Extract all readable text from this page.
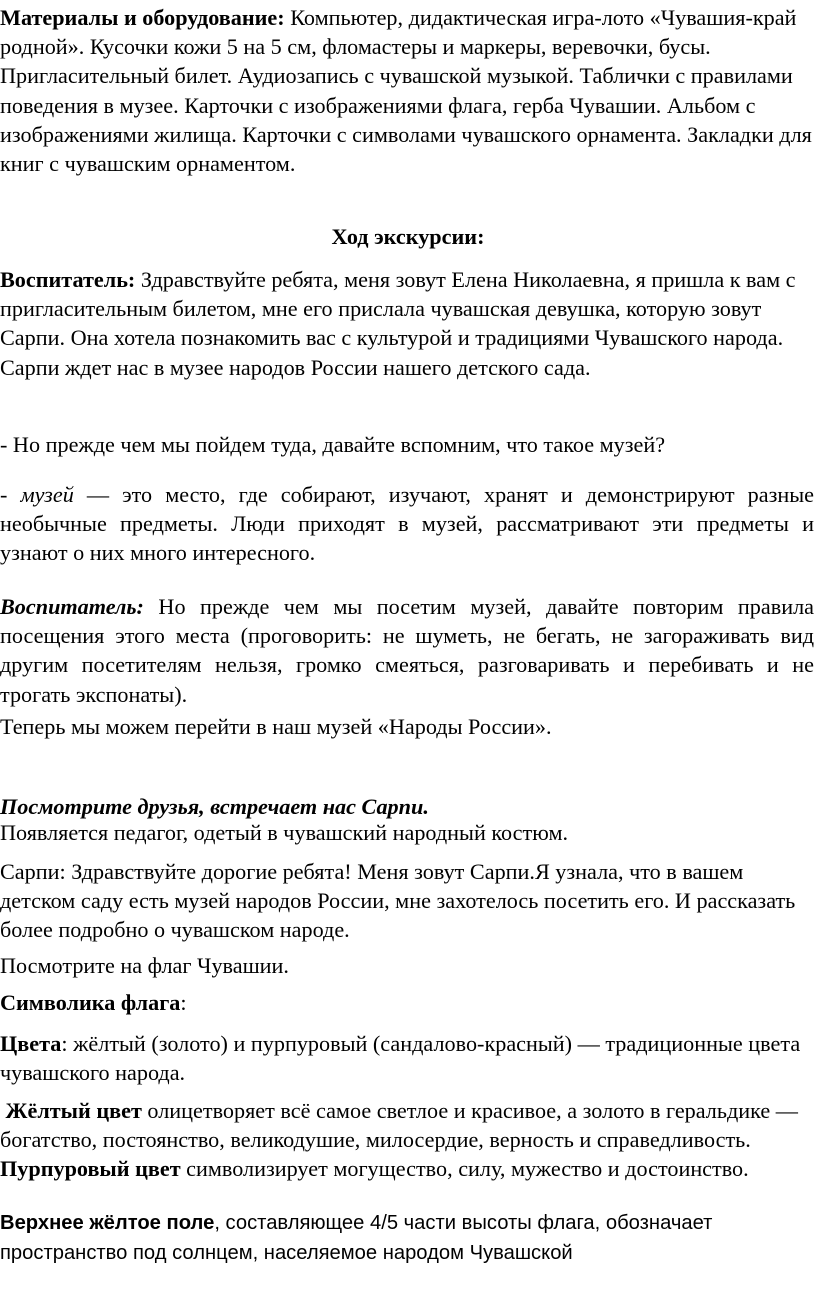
Материалы и оборудование: Компьютер, дидактическая игра-лото «Чувашия-край родной». Кусочки кожи 5 на 5 см, фломастеры и маркеры, веревочки, бусы. Пригласительный билет. Аудиозапись с чувашской музыкой. Таблички с правилами поведения в музее. Карточки с изображениями флага, герба Чувашии. Альбом с изображениями жилища. Карточки с символами чувашского орнамента. Закладки для книг с чувашским орнаментом.

Ход экскурсии:

Воспитатель: Здравствуйте ребята, меня зовут Елена Николаевна, я пришла к вам с пригласительным билетом, мне его прислала чувашская девушка, которую зовут Сарпи. Она хотела познакомить вас с культурой и традициями Чувашского народа. Сарпи ждет нас в музее народов России нашего детского сада.

- Но прежде чем мы пойдем туда, давайте вспомним, что такое музей?

- музей — это место, где собирают, изучают, хранят и демонстрируют разные необычные предметы. Люди приходят в музей, рассматривают эти предметы и узнают о них много интересного.

Воспитатель: Но прежде чем мы посетим музей, давайте повторим правила посещения этого места (проговорить: не шуметь, не бегать, не загораживать вид другим посетителям нельзя, громко смеяться, разговаривать и перебивать и не трогать экспонаты).

Теперь мы можем перейти в наш музей «Народы России».

Посмотрите друзья, встречает нас Сарпи.

Появляется педагог, одетый в чувашский народный костюм.

Сарпи: Здравствуйте дорогие ребята! Меня зовут Сарпи.Я узнала, что в вашем детском саду есть музей народов России, мне захотелось посетить его. И рассказать более подробно о чувашском народе.

Посмотрите на флаг Чувашии.

Символика флага:

Цвета: жёлтый (золото) и пурпуровый (сандалово-красный) — традиционные цвета чувашского народа.

Жёлтый цвет олицетворяет всё самое светлое и красивое, а золото в геральдике — богатство, постоянство, великодушие, милосердие, верность и справедливость. Пурпуровый цвет символизирует могущество, силу, мужество и достоинство.

Верхнее жёлтое поле, составляющее 4/5 части высоты флага, обозначает пространство под солнцем, населяемое народом Чувашской
